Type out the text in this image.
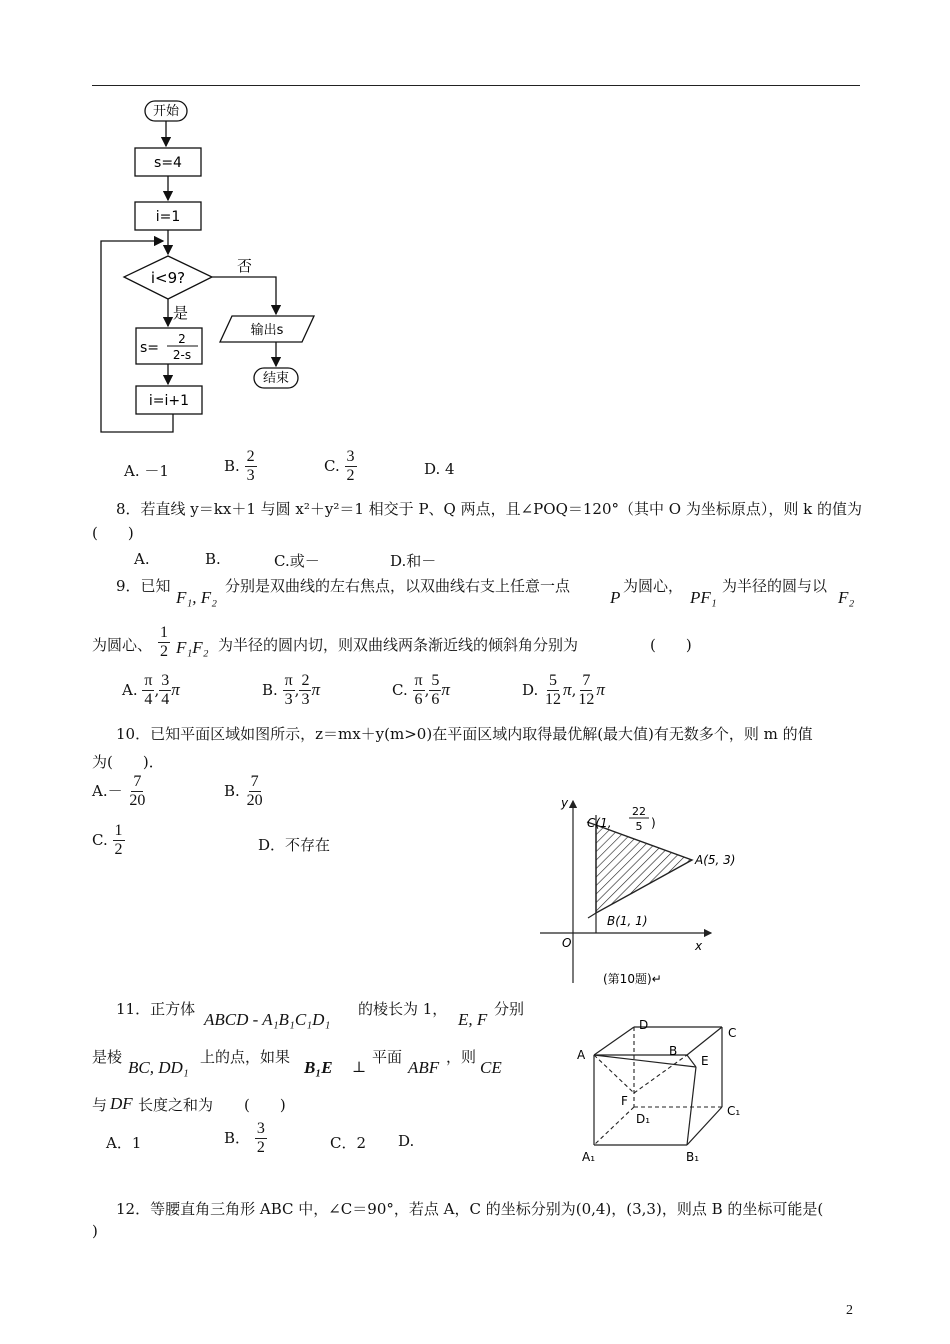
开始
s=4
i=1
i<9?
否
是
s=
2
2-s
i=i+1
输出s
结束
A. －1	B. $\frac{2}{3}$	C. $\frac{3}{2}$	D. 4
8．若直线 y＝kx＋1 与圆 x²＋y²＝1 相交于 P、Q 两点，且∠POQ＝120°（其中 O 为坐标原点），则 k 的值为
(　　)
A.	B.	C.或－	D.和－
9．已知
F₁, F₂
分别是双曲线的左右焦点，以双曲线右支上任意一点
P
为圆心，
PF₁
为半径的圆与以
F₂
为圆心、 $\frac{1}{2} F_1F_2$ 为半径的圆内切，则双曲线两条渐近线的倾斜角分别为	(　　)
A. $\frac{\pi}{4}$ , $\frac{3}{4}$ π	B. $\frac{\pi}{3}$ , $\frac{2}{3}$ π	C. $\frac{\pi}{6}$ , $\frac{5}{6}$ π	D. $\frac{5}{12} \pi$, $\frac{7}{12}$ π
10．已知平面区域如图所示，z＝mx＋y(m>0)在平面区域内取得最优解(最大值)有无数多个，则 m 的值
为(　　)．
$A.- \frac{7}{20}$	B. $\frac{7}{20}$
C. $\frac{1}{2}$	D．不存在
y
x
O
C(1,
22
5 )
A(5, 3)
B(1, 1)
(第10题)↵
11．正方体
ABCD - A₁B₁C₁D₁
的棱长为 1，
E, F
分别
是棱
BC, DD₁
上的点，如果
B₁E ⊥
平面
ABF
，则
CE
与 DF 长度之和为 (　　)
A．1	B． $\frac{3}{2}$	C．2 D.
D
C
A	B
E
F
C₁
D₁
A₁	B₁
12．等腰直角三角形 ABC 中，∠C＝90°，若点 A，C 的坐标分别为(0,4)，(3,3)，则点 B 的坐标可能是(
)
2
